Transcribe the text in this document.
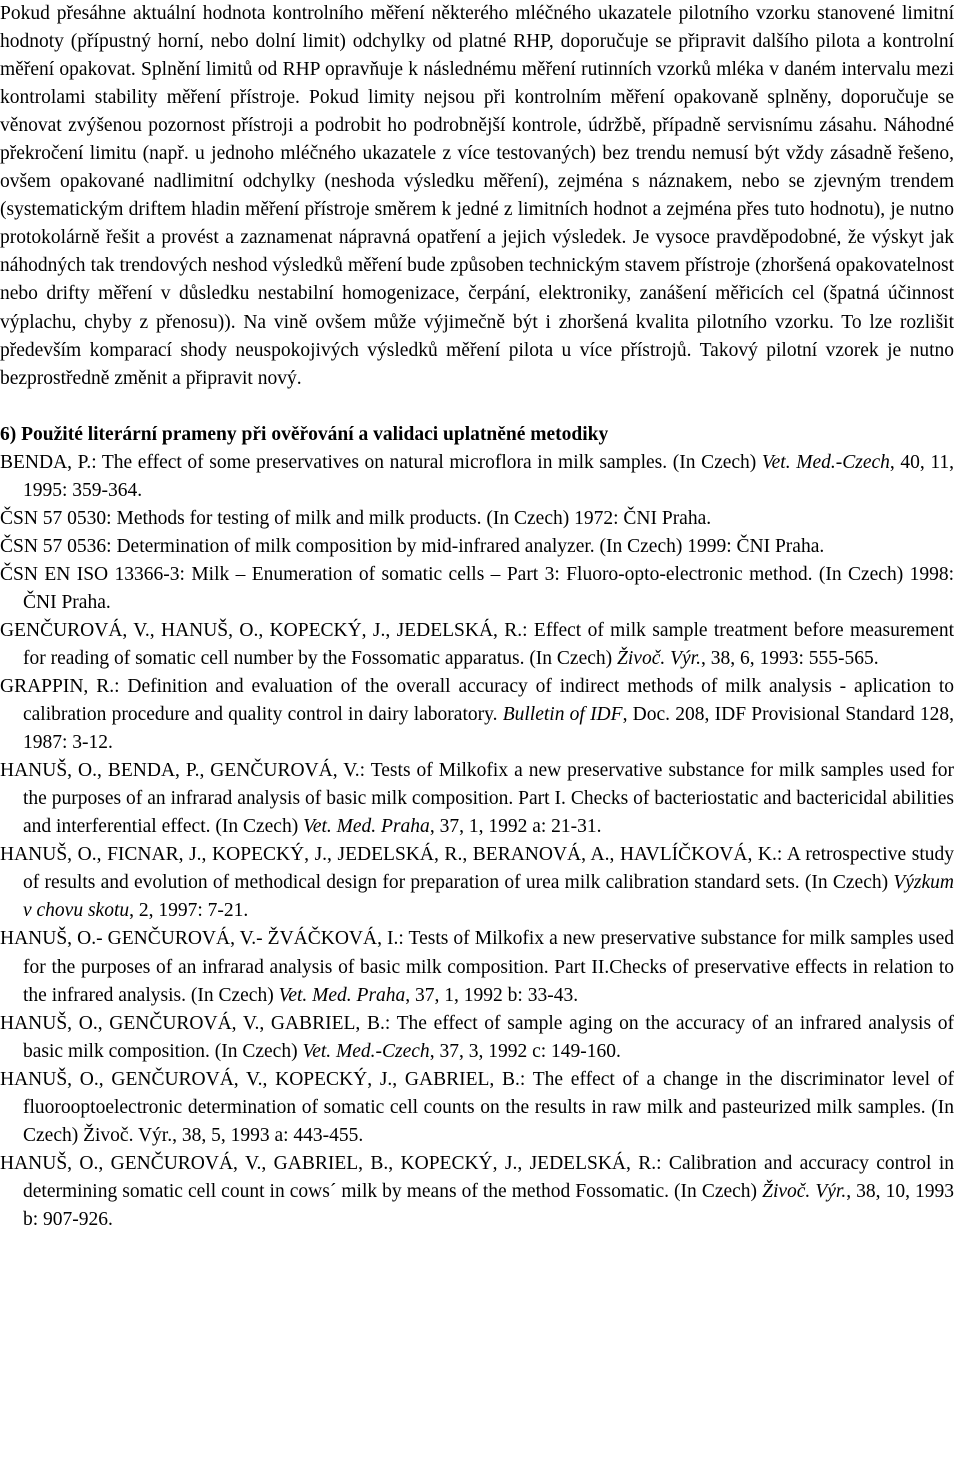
Pokud přesáhne aktuální hodnota kontrolního měření některého mléčného ukazatele pilotního vzorku stanovené limitní hodnoty (přípustný horní, nebo dolní limit) odchylky od platné RHP, doporučuje se připravit dalšího pilota a kontrolní měření opakovat. Splnění limitů od RHP opravňuje k následnému měření rutinních vzorků mléka v daném intervalu mezi kontrolami stability měření přístroje. Pokud limity nejsou při kontrolním měření opakovaně splněny, doporučuje se věnovat zvýšenou pozornost přístroji a podrobit ho podrobnější kontrole, údržbě, případně servisnímu zásahu. Náhodné překročení limitu (např. u jednoho mléčného ukazatele z více testovaných) bez trendu nemusí být vždy zásadně řešeno, ovšem opakované nadlimitní odchylky (neshoda výsledku měření), zejména s náznakem, nebo se zjevným trendem (systematickým driftem hladin měření přístroje směrem k jedné z limitních hodnot a zejména přes tuto hodnotu), je nutno protokolárně řešit a provést a zaznamenat nápravná opatření a jejich výsledek. Je vysoce pravděpodobné, že výskyt jak náhodných tak trendových neshod výsledků měření bude způsoben technickým stavem přístroje (zhoršená opakovatelnost nebo drifty měření v důsledku nestabilní homogenizace, čerpání, elektroniky, zanášení měřicích cel (špatná účinnost výplachu, chyby z přenosu)). Na vině ovšem může výjimečně být i zhoršená kvalita pilotního vzorku. To lze rozlišit především komparací shody neuspokojivých výsledků měření pilota u více přístrojů. Takový pilotní vzorek je nutno bezprostředně změnit a připravit nový.

6) Použité literární prameny při ověřování a validaci uplatněné metodiky

BENDA, P.: The effect of some preservatives on natural microflora in milk samples. (In Czech) Vet. Med.-Czech, 40, 11, 1995: 359-364.

ČSN 57 0530: Methods for testing of milk and milk products. (In Czech) 1972: ČNI Praha.

ČSN 57 0536: Determination of milk composition by mid-infrared analyzer. (In Czech) 1999: ČNI Praha.

ČSN EN ISO 13366-3: Milk – Enumeration of somatic cells – Part 3: Fluoro-opto-electronic method. (In Czech) 1998: ČNI Praha.

GENČUROVÁ, V., HANUŠ, O., KOPECKÝ, J., JEDELSKÁ, R.: Effect of milk sample treatment before measurement for reading of somatic cell number by the Fossomatic apparatus. (In Czech) Živoč. Výr., 38, 6, 1993: 555-565.

GRAPPIN, R.: Definition and evaluation of the overall accuracy of indirect methods of milk analysis - aplication to calibration procedure and quality control in dairy laboratory. Bulletin of IDF, Doc. 208, IDF Provisional Standard 128, 1987: 3-12.

HANUŠ, O., BENDA, P., GENČUROVÁ, V.: Tests of Milkofix a new preservative substance for milk samples used for the purposes of an infrarad analysis of basic milk composition. Part I. Checks of bacteriostatic and bactericidal abilities and interferential effect. (In Czech) Vet. Med. Praha, 37, 1, 1992 a: 21-31.

HANUŠ, O., FICNAR, J., KOPECKÝ, J., JEDELSKÁ, R., BERANOVÁ, A., HAVLÍČKOVÁ, K.: A retrospective study of results and evolution of methodical design for preparation of urea milk calibration standard sets. (In Czech) Výzkum v chovu skotu, 2, 1997: 7-21.

HANUŠ, O.- GENČUROVÁ, V.- ŽVÁČKOVÁ, I.: Tests of Milkofix a new preservative substance for milk samples used for the purposes of an infrarad analysis of basic milk composition. Part II.Checks of preservative effects in relation to the infrared analysis. (In Czech) Vet. Med. Praha, 37, 1, 1992 b: 33-43.

HANUŠ, O., GENČUROVÁ, V., GABRIEL, B.: The effect of sample aging on the accuracy of an infrared analysis of basic milk composition. (In Czech) Vet. Med.-Czech, 37, 3, 1992 c: 149-160.

HANUŠ, O., GENČUROVÁ, V., KOPECKÝ, J., GABRIEL, B.: The effect of a change in the discriminator level of fluorooptoelectronic determination of somatic cell counts on the results in raw milk and pasteurized milk samples. (In Czech) Živoč. Výr., 38, 5, 1993 a: 443-455.

HANUŠ, O., GENČUROVÁ, V., GABRIEL, B., KOPECKÝ, J., JEDELSKÁ, R.: Calibration and accuracy control in determining somatic cell count in cows´ milk by means of the method Fossomatic. (In Czech) Živoč. Výr., 38, 10, 1993 b: 907-926.
